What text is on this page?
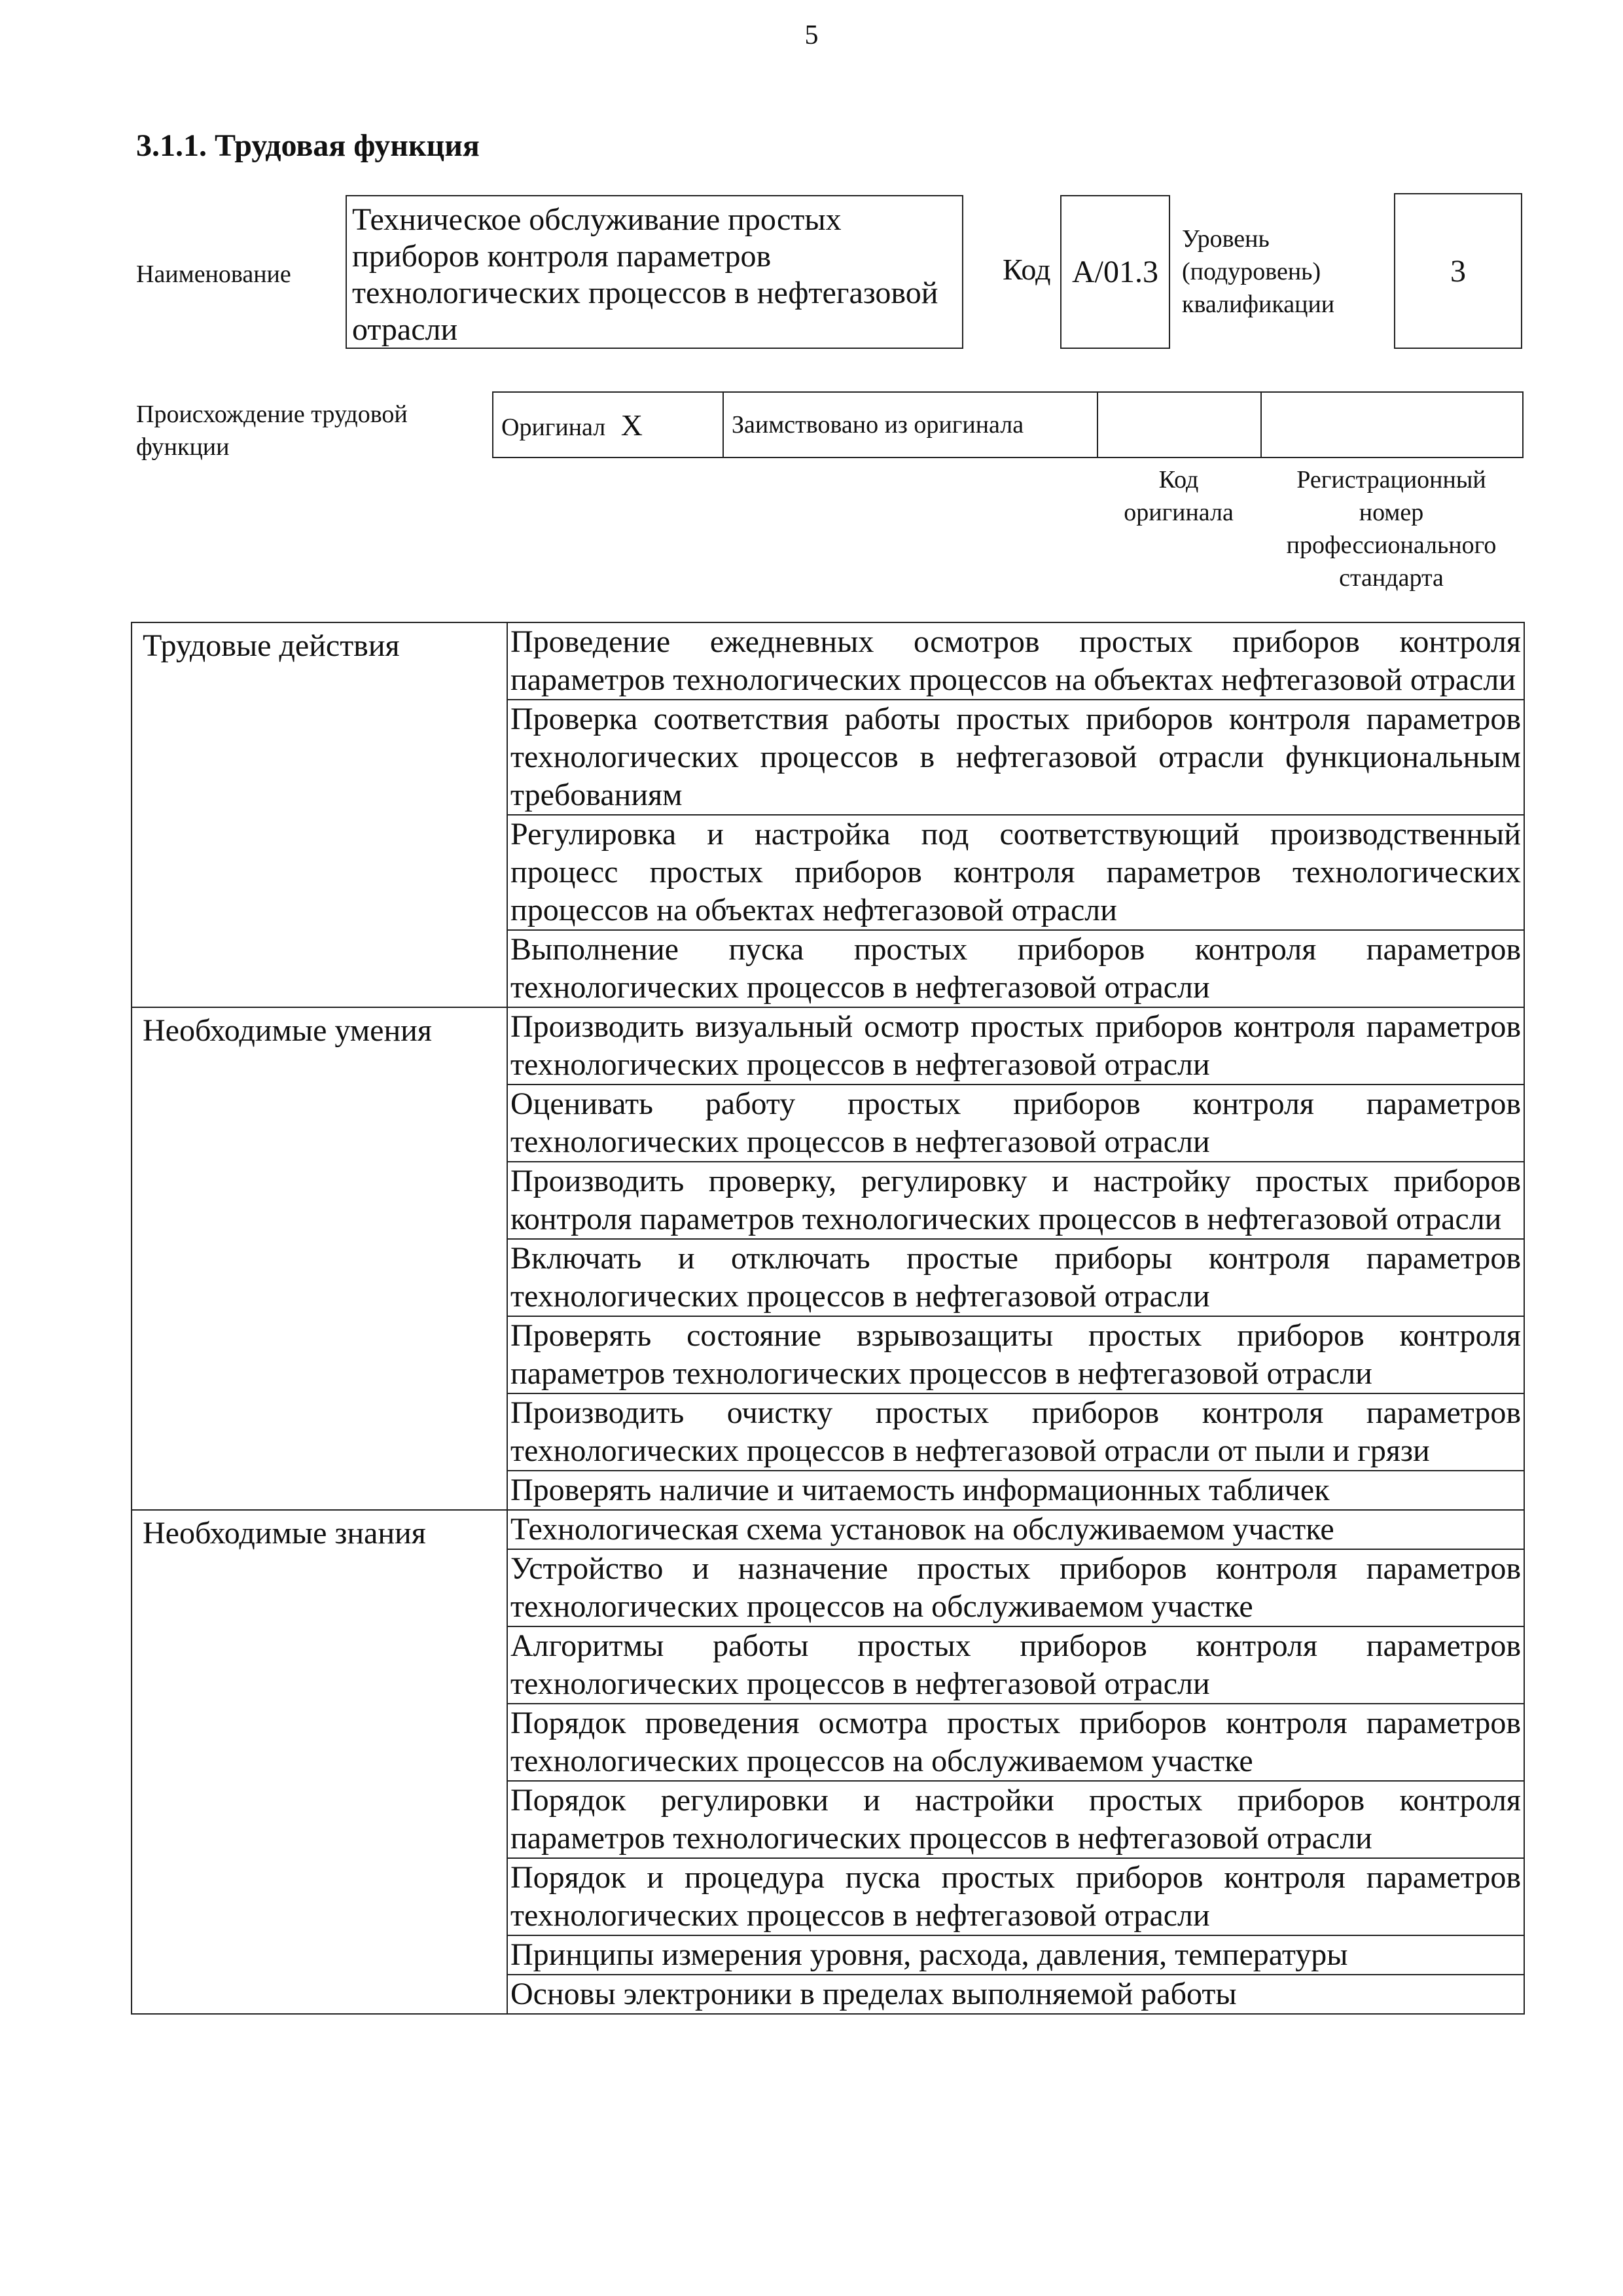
5
3.1.1. Трудовая функция
Наименование
Техническое обслуживание простых приборов контроля параметров технологических процессов в нефтегазовой отрасли
Код А/01.3
Уровень
(подуровень)
квалификации
3
Происхождение трудовой
функции
Оригинал X	Заимствовано из оригинала		
Код
оригинала
Регистрационный
номер
профессионального
стандарта
Трудовые действия	Проведение ежедневных осмотров простых приборов контроля параметров технологических процессов на объектах нефтегазовой отрасли
	Проверка соответствия работы простых приборов контроля параметров технологических процессов в нефтегазовой отрасли функциональным требованиям
	Регулировка и настройка под соответствующий производственный процесс простых приборов контроля параметров технологических процессов на объектах нефтегазовой отрасли
	Выполнение пуска простых приборов контроля параметров технологических процессов в нефтегазовой отрасли
Необходимые умения	Производить визуальный осмотр простых приборов контроля параметров технологических процессов в нефтегазовой отрасли
	Оценивать работу простых приборов контроля параметров технологических процессов в нефтегазовой отрасли
	Производить проверку, регулировку и настройку простых приборов контроля параметров технологических процессов в нефтегазовой отрасли
	Включать и отключать простые приборы контроля параметров технологических процессов в нефтегазовой отрасли
	Проверять состояние взрывозащиты простых приборов контроля параметров технологических процессов в нефтегазовой отрасли
	Производить очистку простых приборов контроля параметров технологических процессов в нефтегазовой отрасли от пыли и грязи
	Проверять наличие и читаемость информационных табличек
Необходимые знания	Технологическая схема установок на обслуживаемом участке
	Устройство и назначение простых приборов контроля параметров технологических процессов на обслуживаемом участке
	Алгоритмы работы простых приборов контроля параметров технологических процессов в нефтегазовой отрасли
	Порядок проведения осмотра простых приборов контроля параметров технологических процессов на обслуживаемом участке
	Порядок регулировки и настройки простых приборов контроля параметров технологических процессов в нефтегазовой отрасли
	Порядок и процедура пуска простых приборов контроля параметров технологических процессов в нефтегазовой отрасли
	Принципы измерения уровня, расхода, давления, температуры
	Основы электроники в пределах выполняемой работы
